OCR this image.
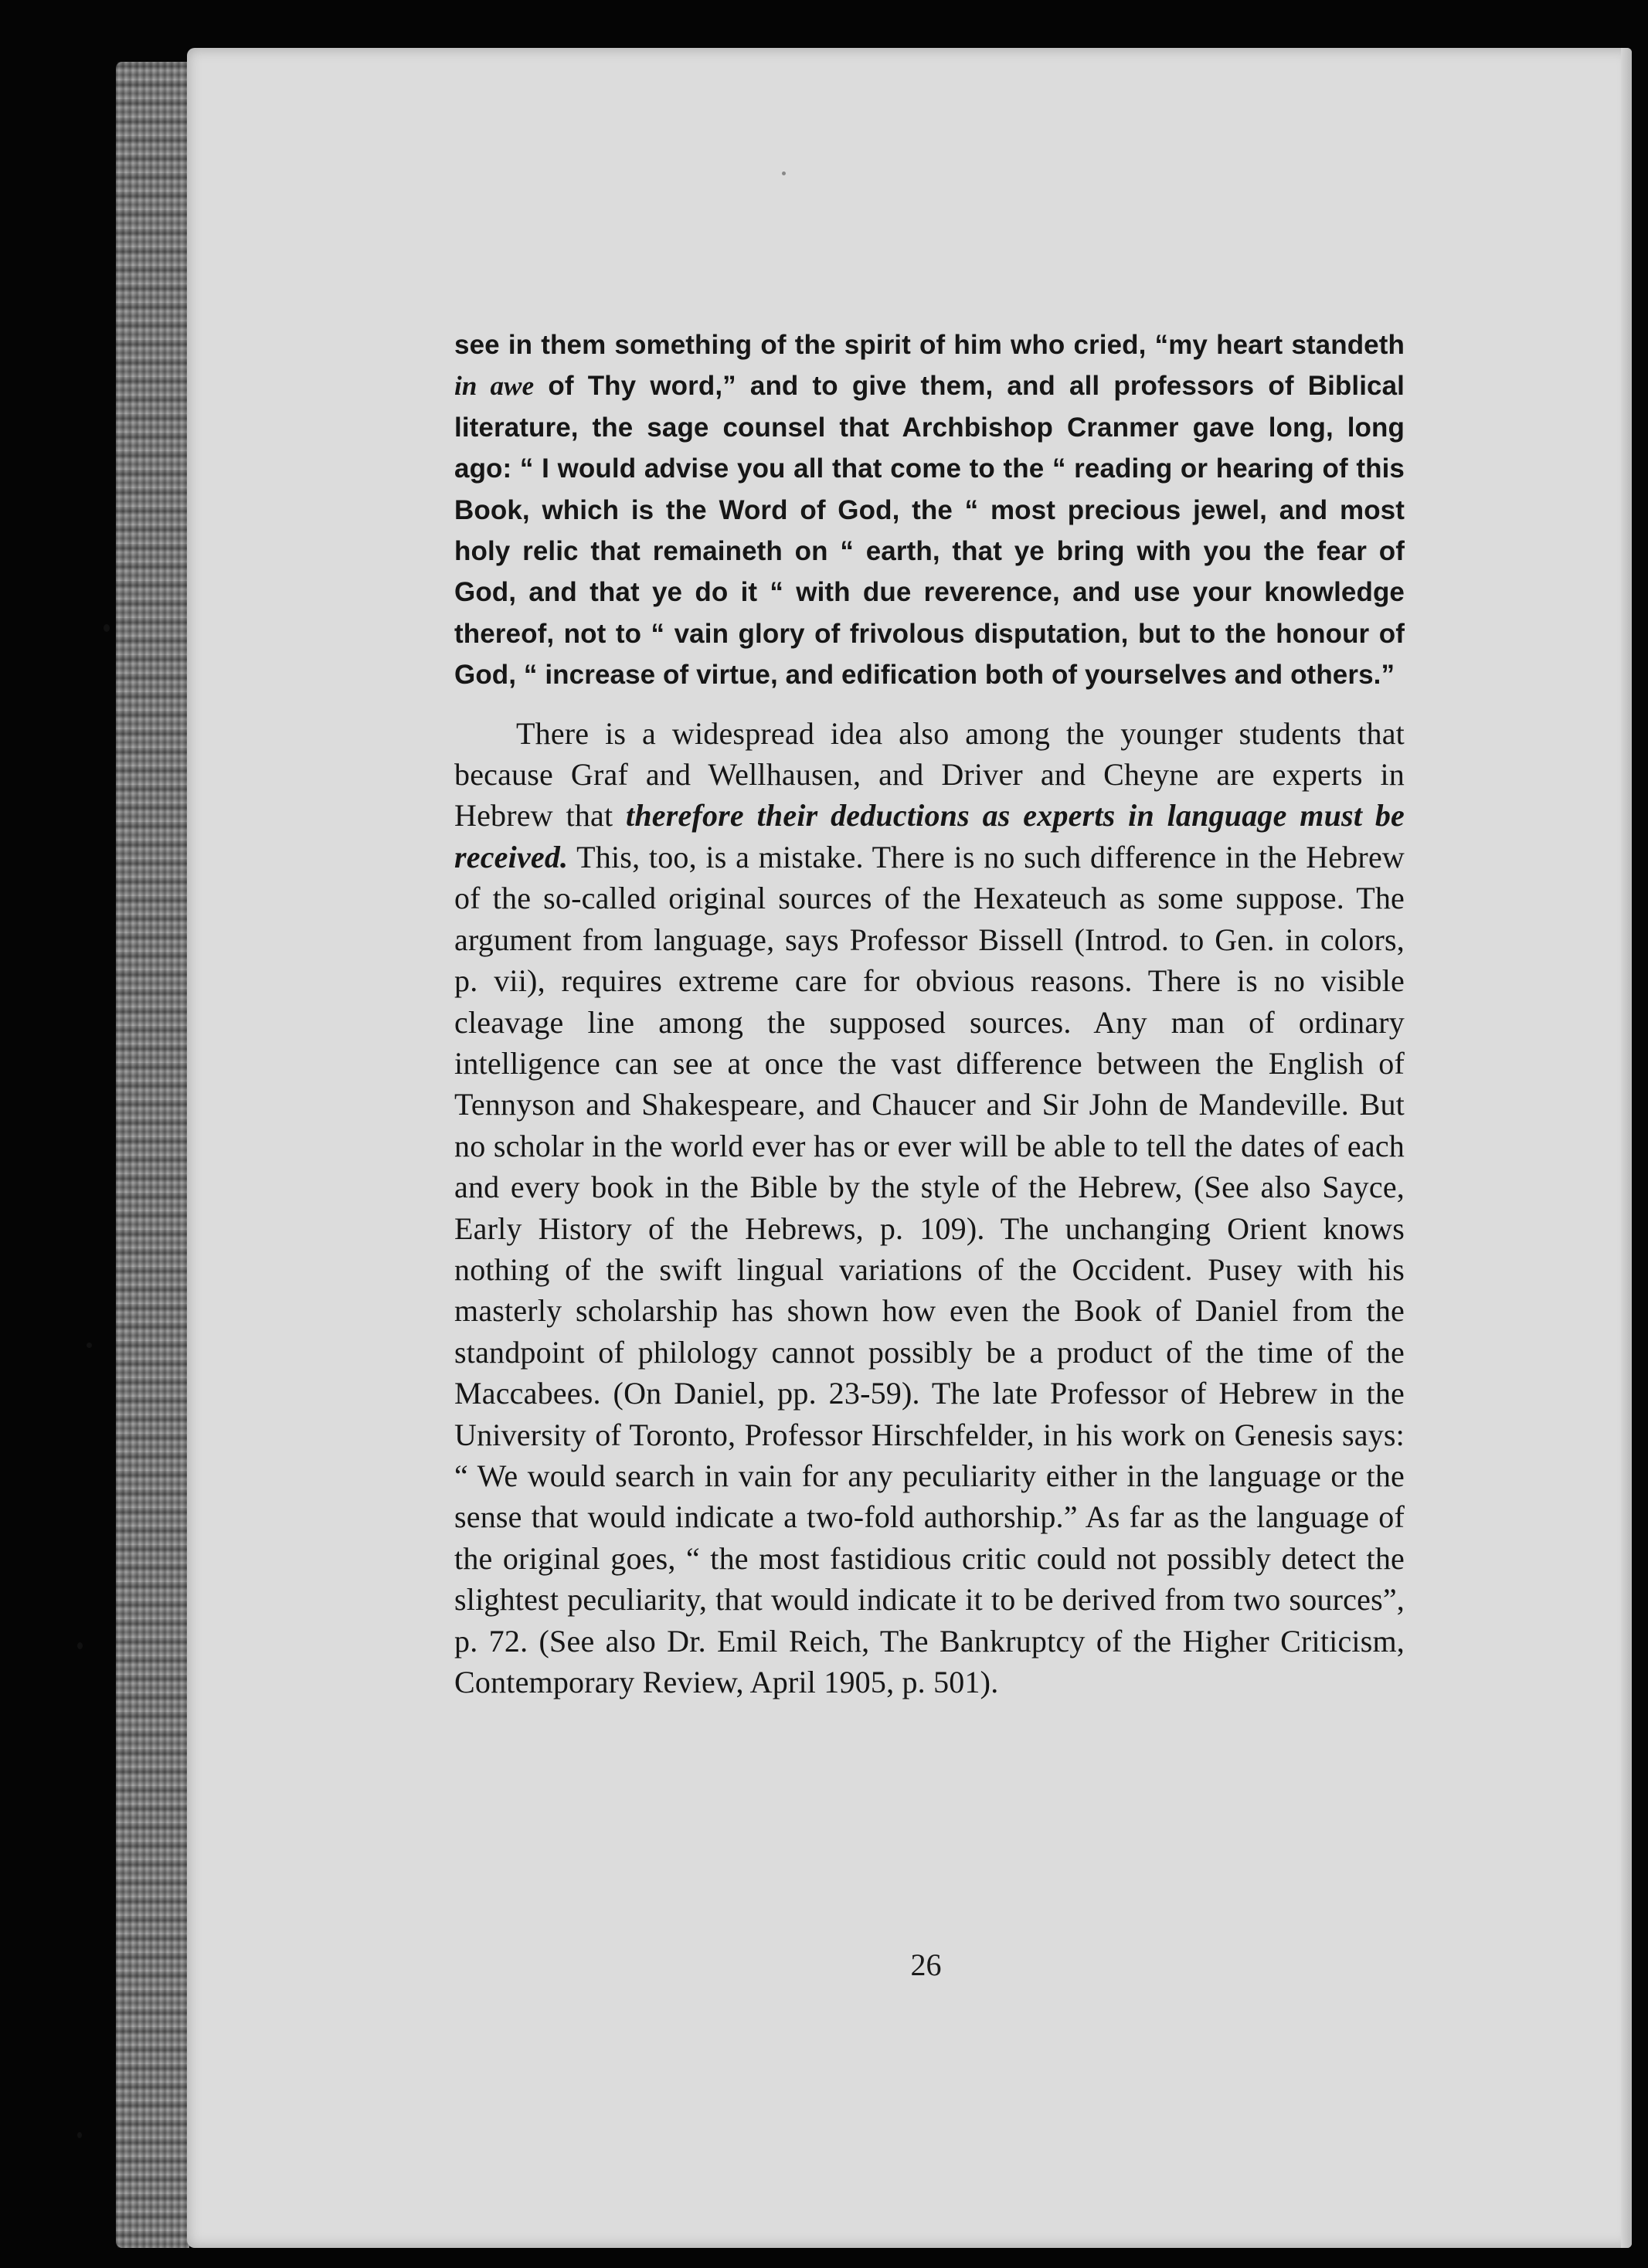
see in them something of the spirit of him who cried, “my heart standeth in awe of Thy word,” and to give them, and all professors of Biblical literature, the sage counsel that Archbishop Cranmer gave long, long ago: “ I would advise you all that come to the “ reading or hearing of this Book, which is the Word of God, the “ most precious jewel, and most holy relic that remaineth on “ earth, that ye bring with you the fear of God, and that ye do it “ with due reverence, and use your knowledge thereof, not to “ vain glory of frivolous disputation, but to the honour of God, “ increase of virtue, and edification both of yourselves and others.”

There is a widespread idea also among the younger students that because Graf and Wellhausen, and Driver and Cheyne are experts in Hebrew that therefore their deductions as experts in language must be received. This, too, is a mistake. There is no such difference in the Hebrew of the so-called original sources of the Hexateuch as some suppose. The argument from language, says Professor Bissell (Introd. to Gen. in colors, p. vii), requires extreme care for obvious reasons. There is no visible cleavage line among the supposed sources. Any man of ordinary intelligence can see at once the vast difference between the English of Tennyson and Shakespeare, and Chaucer and Sir John de Mandeville. But no scholar in the world ever has or ever will be able to tell the dates of each and every book in the Bible by the style of the Hebrew, (See also Sayce, Early History of the Hebrews, p. 109). The unchanging Orient knows nothing of the swift lingual variations of the Occident. Pusey with his masterly scholarship has shown how even the Book of Daniel from the standpoint of philology cannot possibly be a product of the time of the Maccabees. (On Daniel, pp. 23-59). The late Professor of Hebrew in the University of Toronto, Professor Hirschfelder, in his work on Genesis says: “ We would search in vain for any peculiarity either in the language or the sense that would indicate a two-fold authorship.” As far as the language of the original goes, “ the most fastidious critic could not possibly detect the slightest peculiarity, that would indicate it to be derived from two sources”, p. 72. (See also Dr. Emil Reich, The Bankruptcy of the Higher Criticism, Contemporary Review, April 1905, p. 501).

26
